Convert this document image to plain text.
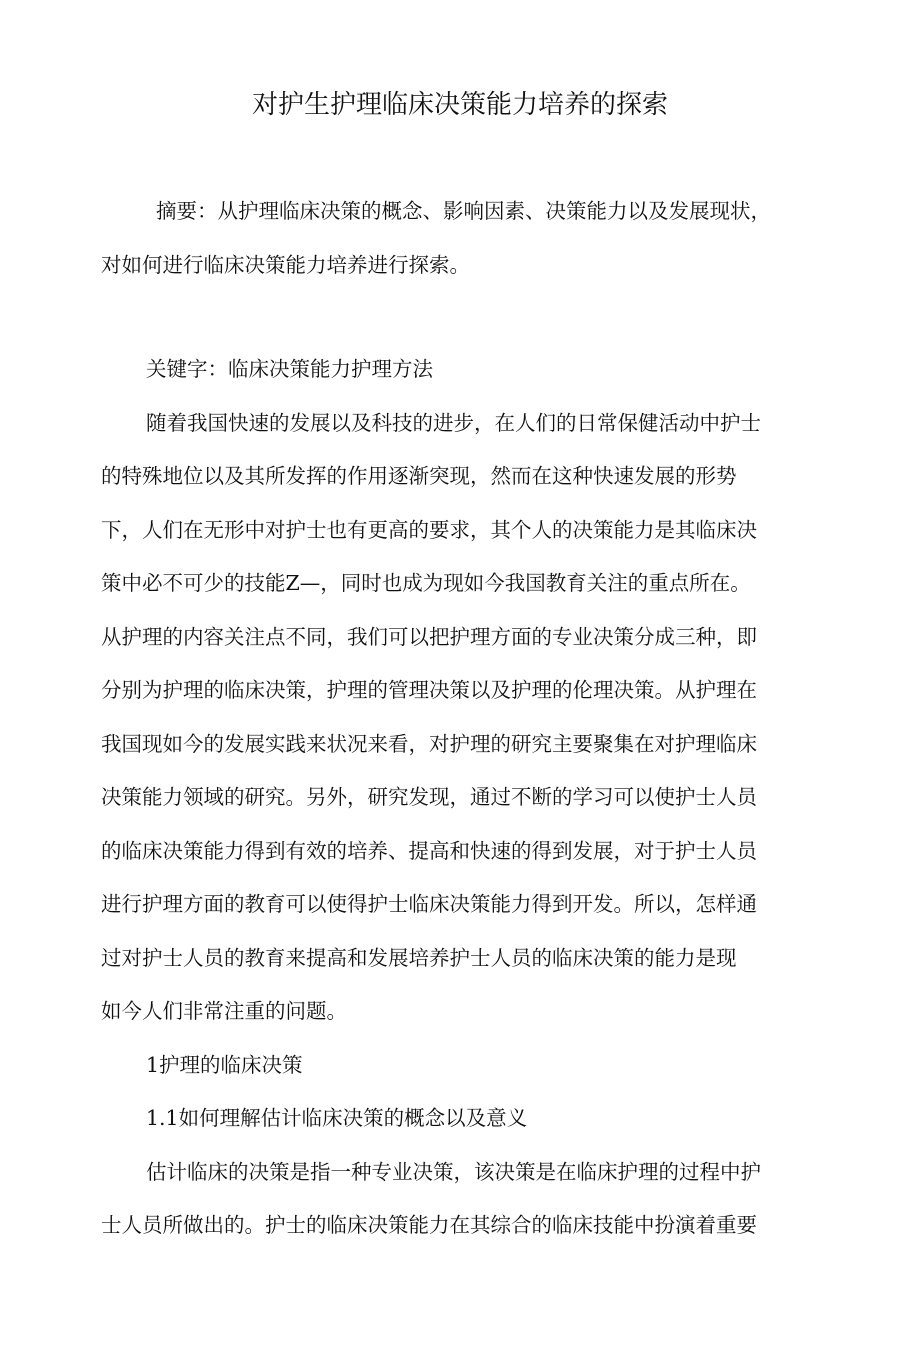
对护生护理临床决策能力培养的探索
摘要：从护理临床决策的概念、影响因素、决策能力以及发展现状，
对如何进行临床决策能力培养进行探索。
关键字：临床决策能力护理方法
随着我国快速的发展以及科技的进步，在人们的日常保健活动中护士
的特殊地位以及其所发挥的作用逐渐突现，然而在这种快速发展的形势
下，人们在无形中对护士也有更高的要求，其个人的决策能力是其临床决
策中必不可少的技能Z—，同时也成为现如今我国教育关注的重点所在。
从护理的内容关注点不同，我们可以把护理方面的专业决策分成三种，即
分别为护理的临床决策，护理的管理决策以及护理的伦理决策。从护理在
我国现如今的发展实践来状况来看，对护理的研究主要聚集在对护理临床
决策能力领域的研究。另外，研究发现，通过不断的学习可以使护士人员
的临床决策能力得到有效的培养、提高和快速的得到发展，对于护士人员
进行护理方面的教育可以使得护士临床决策能力得到开发。所以，怎样通
过对护士人员的教育来提高和发展培养护士人员的临床决策的能力是现
如今人们非常注重的问题。
1护理的临床决策
1.1如何理解估计临床决策的概念以及意义
估计临床的决策是指一种专业决策，该决策是在临床护理的过程中护
士人员所做出的。护士的临床决策能力在其综合的临床技能中扮演着重要
